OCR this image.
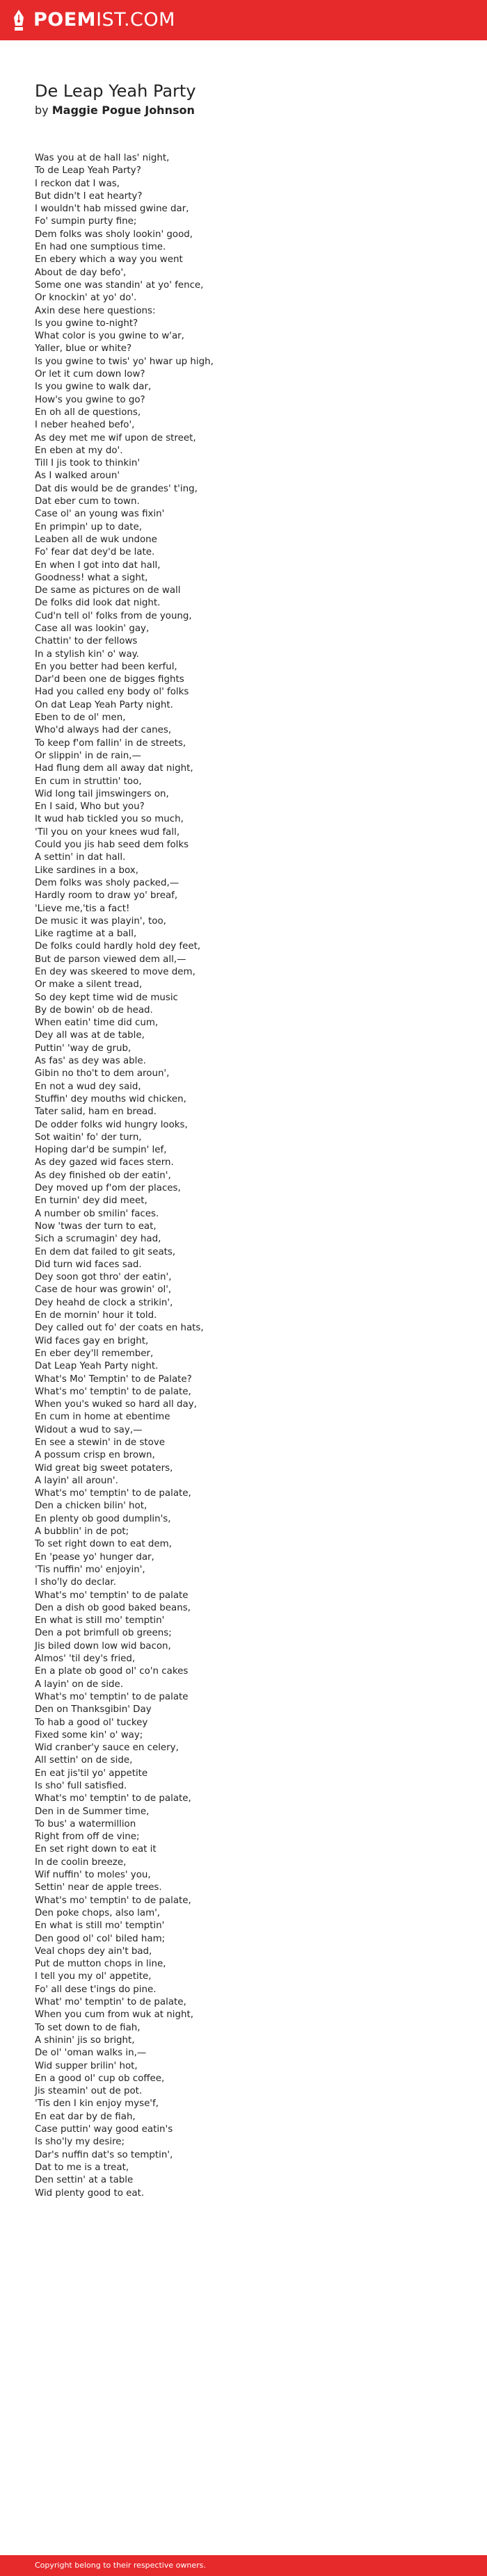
POEMIST.COM
De Leap Yeah Party

by Maggie Pogue Johnson

Was you at de hall las' night,
To de Leap Yeah Party?
I reckon dat I was,
But didn't I eat hearty?
I wouldn't hab missed gwine dar,
Fo' sumpin purty fine;
Dem folks was sholy lookin' good,
En had one sumptious time.
En ebery which a way you went
About de day befo',
Some one was standin' at yo' fence,
Or knockin' at yo' do'.
Axin dese here questions:
Is you gwine to-night?
What color is you gwine to w'ar,
Yaller, blue or white?
Is you gwine to twis' yo' hwar up high,
Or let it cum down low?
Is you gwine to walk dar,
How's you gwine to go?
En oh all de questions,
I neber heahed befo',
As dey met me wif upon de street,
En eben at my do'.
Till I jis took to thinkin'
As I walked aroun'
Dat dis would be de grandes' t'ing,
Dat eber cum to town.
Case ol' an young was fixin'
En primpin' up to date,
Leaben all de wuk undone
Fo' fear dat dey'd be late.
En when I got into dat hall,
Goodness! what a sight,
De same as pictures on de wall
De folks did look dat night.
Cud'n tell ol' folks from de young,
Case all was lookin' gay,
Chattin' to der fellows
In a stylish kin' o' way.
En you better had been kerful,
Dar'd been one de bigges fights
Had you called eny body ol' folks
On dat Leap Yeah Party night.
Eben to de ol' men,
Who'd always had der canes,
To keep f'om fallin' in de streets,
Or slippin' in de rain,—
Had flung dem all away dat night,
En cum in struttin' too,
Wid long tail jimswingers on,
En I said, Who but you?
It wud hab tickled you so much,
'Til you on your knees wud fall,
Could you jis hab seed dem folks
A settin' in dat hall.
Like sardines in a box,
Dem folks was sholy packed,—
Hardly room to draw yo' breaf,
'Lieve me,'tis a fact!
De music it was playin', too,
Like ragtime at a ball,
De folks could hardly hold dey feet,
But de parson viewed dem all,—
En dey was skeered to move dem,
Or make a silent tread,
So dey kept time wid de music
By de bowin' ob de head.
When eatin' time did cum,
Dey all was at de table,
Puttin' 'way de grub,
As fas' as dey was able.
Gibin no tho't to dem aroun',
En not a wud dey said,
Stuffin' dey mouths wid chicken,
Tater salid, ham en bread.
De odder folks wid hungry looks,
Sot waitin' fo' der turn,
Hoping dar'd be sumpin' lef,
As dey gazed wid faces stern.
As dey finished ob der eatin',
Dey moved up f'om der places,
En turnin' dey did meet,
A number ob smilin' faces.
Now 'twas der turn to eat,
Sich a scrumagin' dey had,
En dem dat failed to git seats,
Did turn wid faces sad.
Dey soon got thro' der eatin',
Case de hour was growin' ol',
Dey heahd de clock a strikin',
En de mornin' hour it told.
Dey called out fo' der coats en hats,
Wid faces gay en bright,
En eber dey'll remember,
Dat Leap Yeah Party night.
What's Mo' Temptin' to de Palate?
What's mo' temptin' to de palate,
When you's wuked so hard all day,
En cum in home at ebentime
Widout a wud to say,—
En see a stewin' in de stove
A possum crisp en brown,
Wid great big sweet potaters,
A layin' all aroun'.
What's mo' temptin' to de palate,
Den a chicken bilin' hot,
En plenty ob good dumplin's,
A bubblin' in de pot;
To set right down to eat dem,
En 'pease yo' hunger dar,
'Tis nuffin' mo' enjoyin',
I sho'ly do declar.
What's mo' temptin' to de palate
Den a dish ob good baked beans,
En what is still mo' temptin'
Den a pot brimfull ob greens;
Jis biled down low wid bacon,
Almos' 'til dey's fried,
En a plate ob good ol' co'n cakes
A layin' on de side.
What's mo' temptin' to de palate
Den on Thanksgibin' Day
To hab a good ol' tuckey
Fixed some kin' o' way;
Wid cranber'y sauce en celery,
All settin' on de side,
En eat jis'til yo' appetite
Is sho' full satisfied.
What's mo' temptin' to de palate,
Den in de Summer time,
To bus' a watermillion
Right from off de vine;
En set right down to eat it
In de coolin breeze,
Wif nuffin' to moles' you,
Settin' near de apple trees.
What's mo' temptin' to de palate,
Den poke chops, also lam',
En what is still mo' temptin'
Den good ol' col' biled ham;
Veal chops dey ain't bad,
Put de mutton chops in line,
I tell you my ol' appetite,
Fo' all dese t'ings do pine.
What' mo' temptin' to de palate,
When you cum from wuk at night,
To set down to de fiah,
A shinin' jis so bright,
De ol' 'oman walks in,—
Wid supper brilin' hot,
En a good ol' cup ob coffee,
Jis steamin' out de pot.
'Tis den I kin enjoy myse'f,
En eat dar by de fiah,
Case puttin' way good eatin's
Is sho'ly my desire;
Dar's nuffin dat's so temptin',
Dat to me is a treat,
Den settin' at a table
Wid plenty good to eat.
Copyright belong to their respective owners.
